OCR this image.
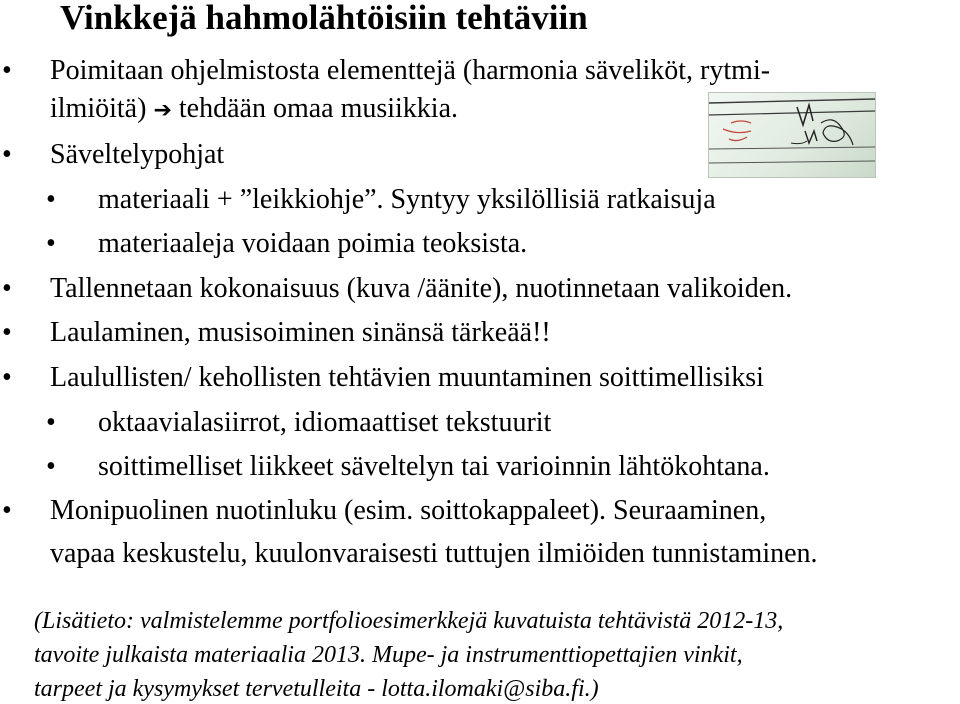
Vinkkejä hahmolähtöisiin tehtäviin
• Poimitaan ohjelmistosta elementtejä (harmonia säveliköt, rytmi-
ilmiöitä) ➔ tehdään omaa musiikkia.
• Säveltelypohjat
• materiaali + ”leikkiohje”. Syntyy yksilöllisiä ratkaisuja
• materiaaleja voidaan poimia teoksista.
• Tallennetaan kokonaisuus (kuva /äänite), nuotinnetaan valikoiden.
• Laulaminen, musisoiminen sinänsä tärkeää!!
• Laulullisten/ kehollisten tehtävien muuntaminen soittimellisiksi
• oktaavialasiirrot, idiomaattiset tekstuurit
• soittimelliset liikkeet säveltelyn tai varioinnin lähtökohtana.
• Monipuolinen nuotinluku (esim. soittokappaleet). Seuraaminen,
vapaa keskustelu, kuulonvaraisesti tuttujen ilmiöiden tunnistaminen.
(Lisätieto: valmistelemme portfolioesimerkkejä kuvatuista tehtävistä 2012-13,
tavoite julkaista materiaalia 2013. Mupe- ja instrumenttiopettajien vinkit,
tarpeet ja kysymykset tervetulleita - lotta.ilomaki@siba.fi.)
